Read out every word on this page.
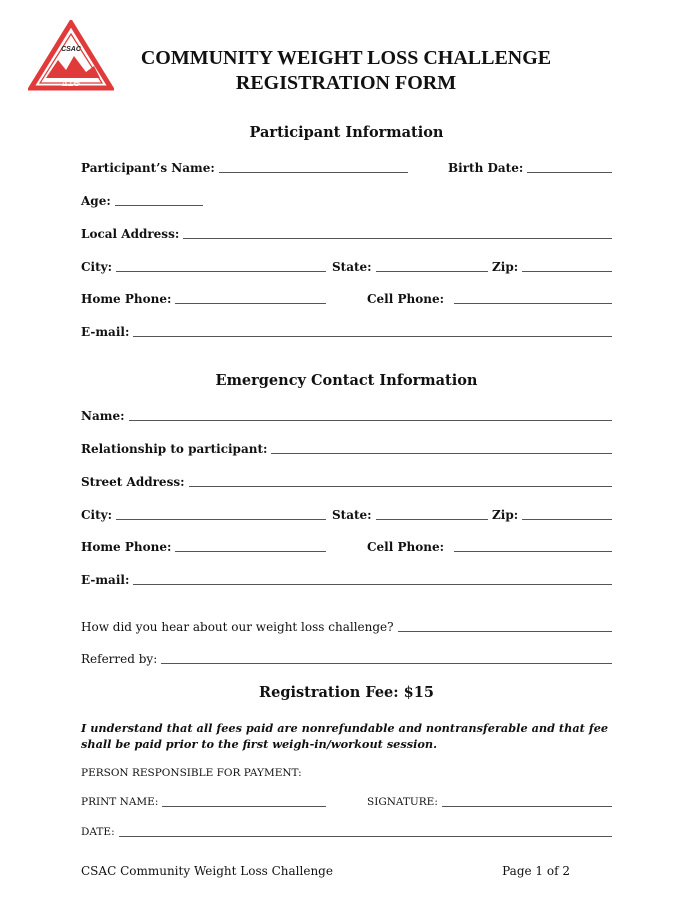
CSAC
ΔΣΘ
COMMUNITY WEIGHT LOSS CHALLENGE
REGISTRATION FORM
Participant Information
Participant’s Name:	Birth Date:
Age:
Local Address:
City:	State:	Zip:
Home Phone:	Cell Phone:
E-mail:
Emergency Contact Information
Name:
Relationship to participant:
Street Address:
City:	State:	Zip:
Home Phone:	Cell Phone:
E-mail:
How did you hear about our weight loss challenge?
Referred by:
Registration Fee: $15
I understand that all fees paid are nonrefundable and nontransferable and that fee shall be paid prior to the first weigh-in/workout session.
PERSON RESPONSIBLE FOR PAYMENT:
PRINT NAME:	SIGNATURE:
DATE:
CSAC Community Weight Loss Challenge	Page 1 of 2
